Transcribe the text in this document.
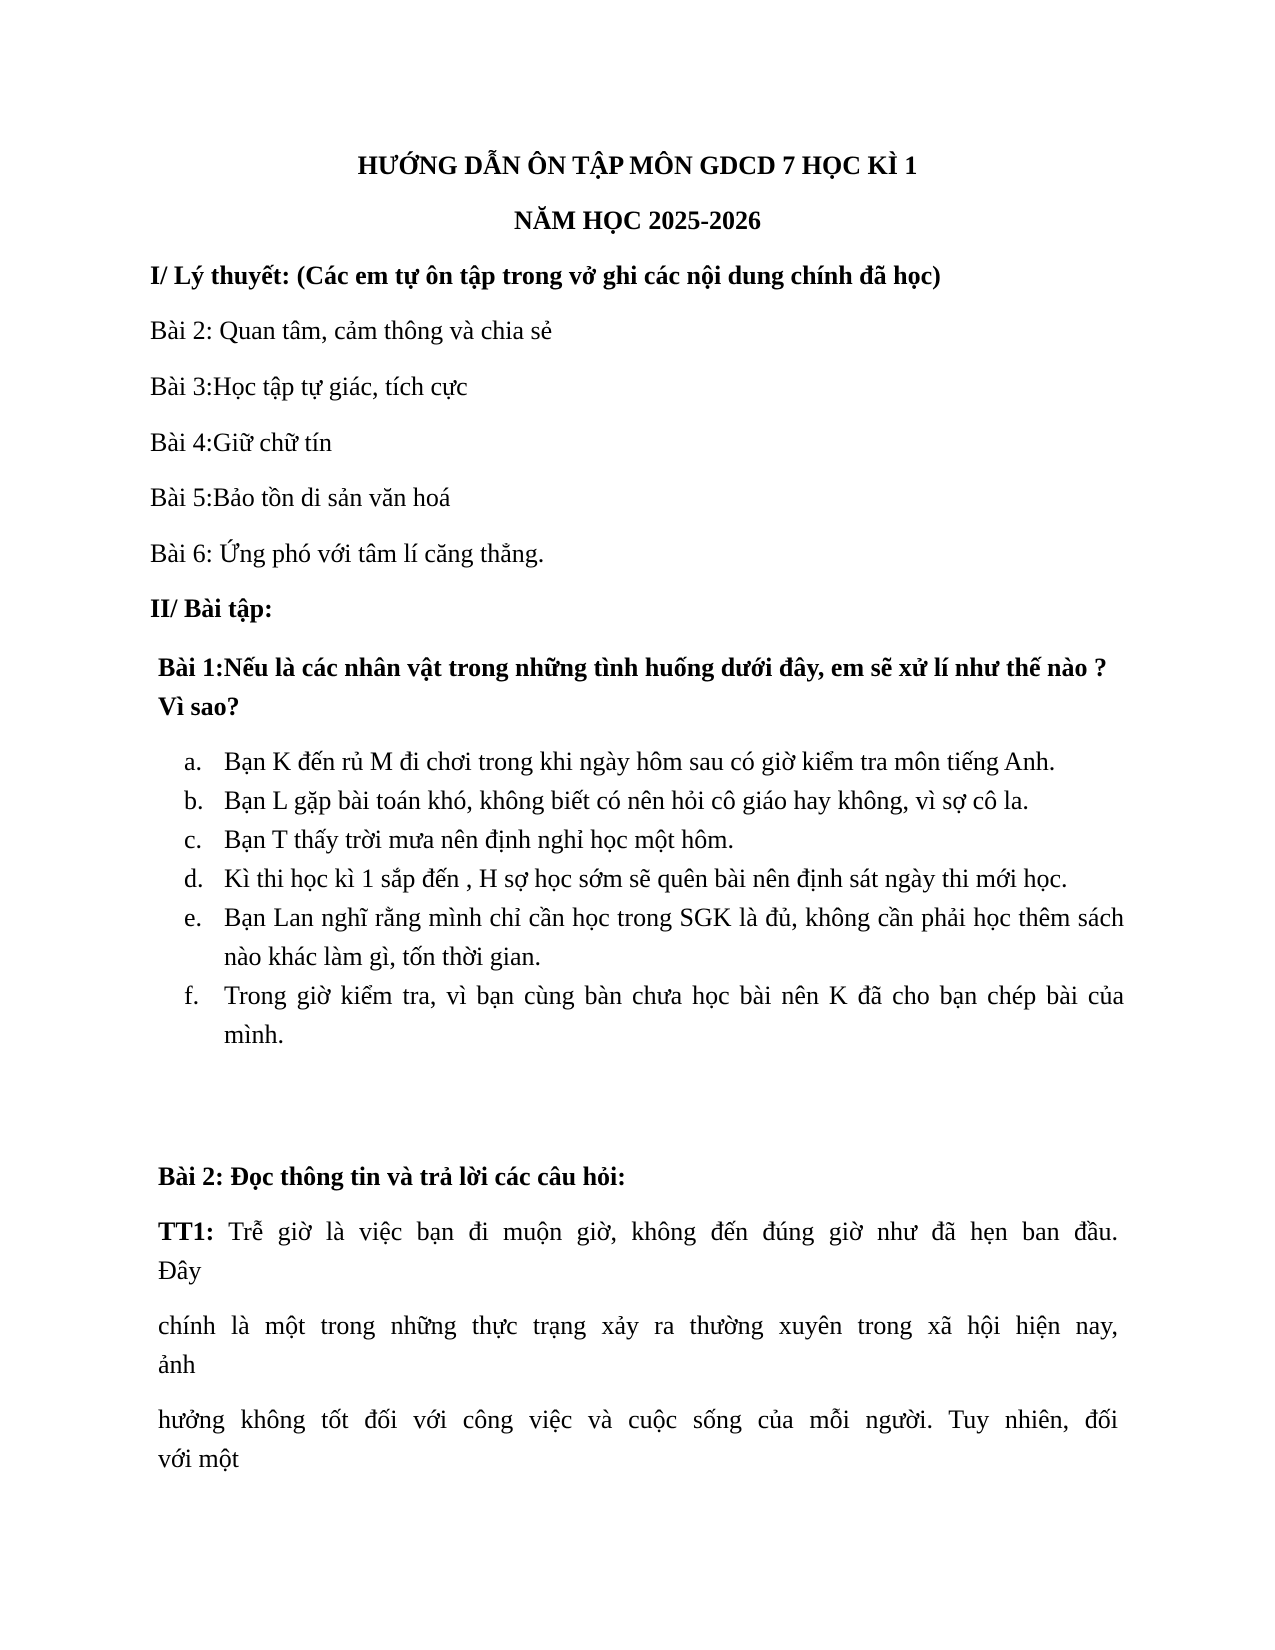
HƯỚNG DẪN ÔN TẬP MÔN GDCD 7 HỌC KÌ 1

NĂM HỌC 2025-2026

I/ Lý thuyết: (Các em tự ôn tập trong vở ghi các nội dung chính đã học)

Bài 2: Quan tâm, cảm thông và chia sẻ

Bài 3:Học tập tự giác, tích cực

Bài 4:Giữ chữ tín

Bài 5:Bảo tồn di sản văn hoá

Bài 6: Ứng phó với tâm lí căng thẳng.

II/ Bài tập:

Bài 1:Nếu là các nhân vật trong những tình huống dưới đây, em sẽ xử lí như thế nào ?Vì sao?

a. Bạn K đến rủ M đi chơi trong khi ngày hôm sau có giờ kiểm tra môn tiếng Anh.
b. Bạn L gặp bài toán khó, không biết có nên hỏi cô giáo hay không, vì sợ cô la.
c. Bạn T thấy trời mưa nên định nghỉ học một hôm.
d. Kì thi học kì 1 sắp đến , H sợ học sớm sẽ quên bài nên định sát ngày thi mới học.
e. Bạn Lan nghĩ rằng mình chỉ cần học trong SGK là đủ, không cần phải học thêm sách nào khác làm gì, tốn thời gian.
f. Trong giờ kiểm tra, vì bạn cùng bàn chưa học bài nên K đã cho bạn chép bài của mình.

Bài 2: Đọc thông tin và trả lời các câu hỏi:

TT1: Trễ giờ là việc bạn đi muộn giờ, không đến đúng giờ như đã hẹn ban đầu.
Đây

chính là một trong những thực trạng xảy ra thường xuyên trong xã hội hiện nay,
ảnh

hưởng không tốt đối với công việc và cuộc sống của mỗi người. Tuy nhiên, đối
với một
